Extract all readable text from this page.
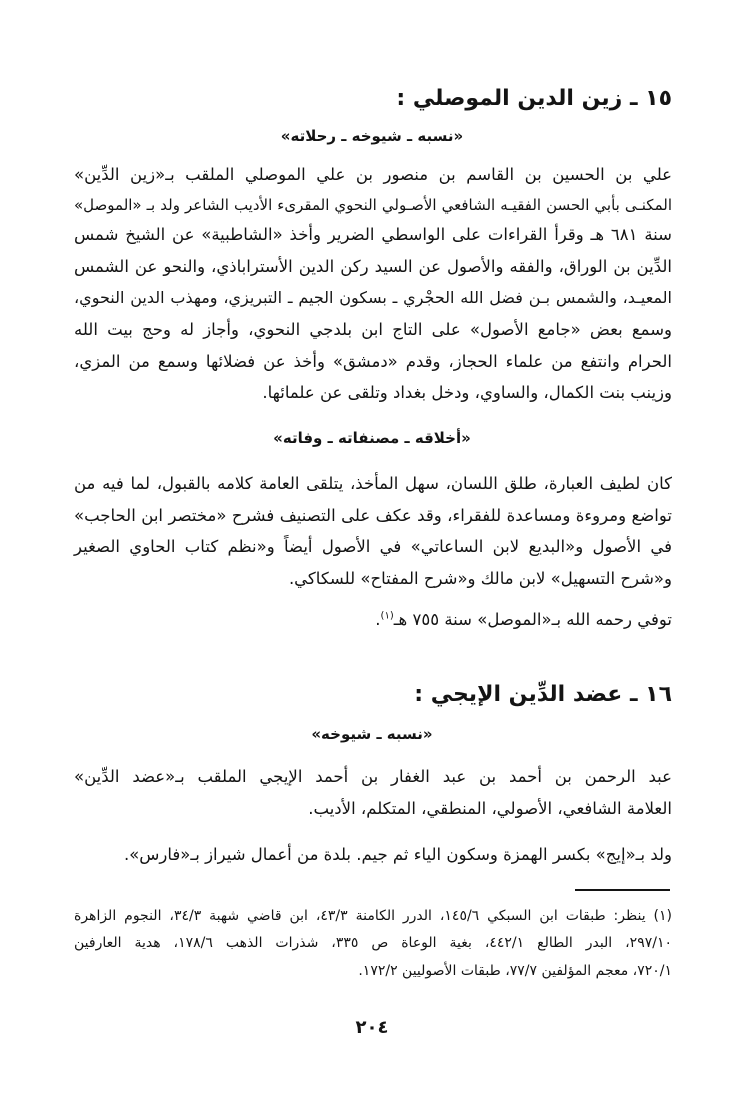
١٥ ـ زين الدين الموصلي :

«نسبه ـ شيوخه ـ رحلاته»

علي بن الحسين بن القاسم بن منصور بن علي الموصلي الملقب بـ«زين الدِّين»

المكنـى بأبي الحسن الفقيـه الشافعي الأصـولي النحوي المقرىء الأديب الشاعر ولد بـ «الموصل»

سنة ٦٨١ هـ وقرأ القراءات على الواسطي الضرير وأخذ «الشاطبية» عن الشيخ شمس

الدِّين بن الوراق، والفقه والأصول عن السيد ركن الدين الأستراباذي، والنحو عن الشمس

المعيـد، والشمس بـن فضل الله الحجْري ـ بسكون الجيم ـ التبريزي، ومهذب الدين النحوي،

وسمع بعض «جامع الأصول» على التاج ابن بلدجي النحوي، وأجاز له وحج بيت الله

الحرام وانتفع من علماء الحجاز، وقدم «دمشق» وأخذ عن فضلائها وسمع من المزي،

وزينب بنت الكمال، والساوي، ودخل بغداد وتلقى عن علمائها.

«أخلاقه ـ مصنفاته ـ وفاته»

كان لطيف العبارة، طلق اللسان، سهل المأخذ، يتلقى العامة كلامه بالقبول، لما فيه من

تواضع ومروءة ومساعدة للفقراء، وقد عكف على التصنيف فشرح «مختصر ابن الحاجب»

في الأصول و«البديع لابن الساعاتي» في الأصول أيضاً و«نظم كتاب الحاوي الصغير

و«شرح التسهيل» لابن مالك و«شرح المفتاح» للسكاكي.

توفي رحمه الله بـ«الموصل» سنة ٧٥٥ هـ$^{(١)}$.

١٦ ـ عضد الدِّين الإيجي :

«نسبه ـ شيوخه»

عبد الرحمن بن أحمد بن عبد الغفار بن أحمد الإيجي الملقب بـ«عضد الدِّين»

العلامة الشافعي، الأصولي، المنطقي، المتكلم، الأديب.

ولد بـ«إيج» بكسر الهمزة وسكون الياء ثم جيم. بلدة من أعمال شيراز بـ«فارس».

(١) ينظر: طبقات ابن السبكي ١٤٥/٦، الدرر الكامنة ٤٣/٣، ابن قاضي شهبة ٣٤/٣، النجوم الزاهرة

٢٩٧/١٠، البدر الطالع ٤٤٢/١، بغية الوعاة ص ٣٣٥، شذرات الذهب ١٧٨/٦، هدية العارفين

٧٢٠/١، معجم المؤلفين ٧٧/٧، طبقات الأصوليين ١٧٢/٢.

٢٠٤
